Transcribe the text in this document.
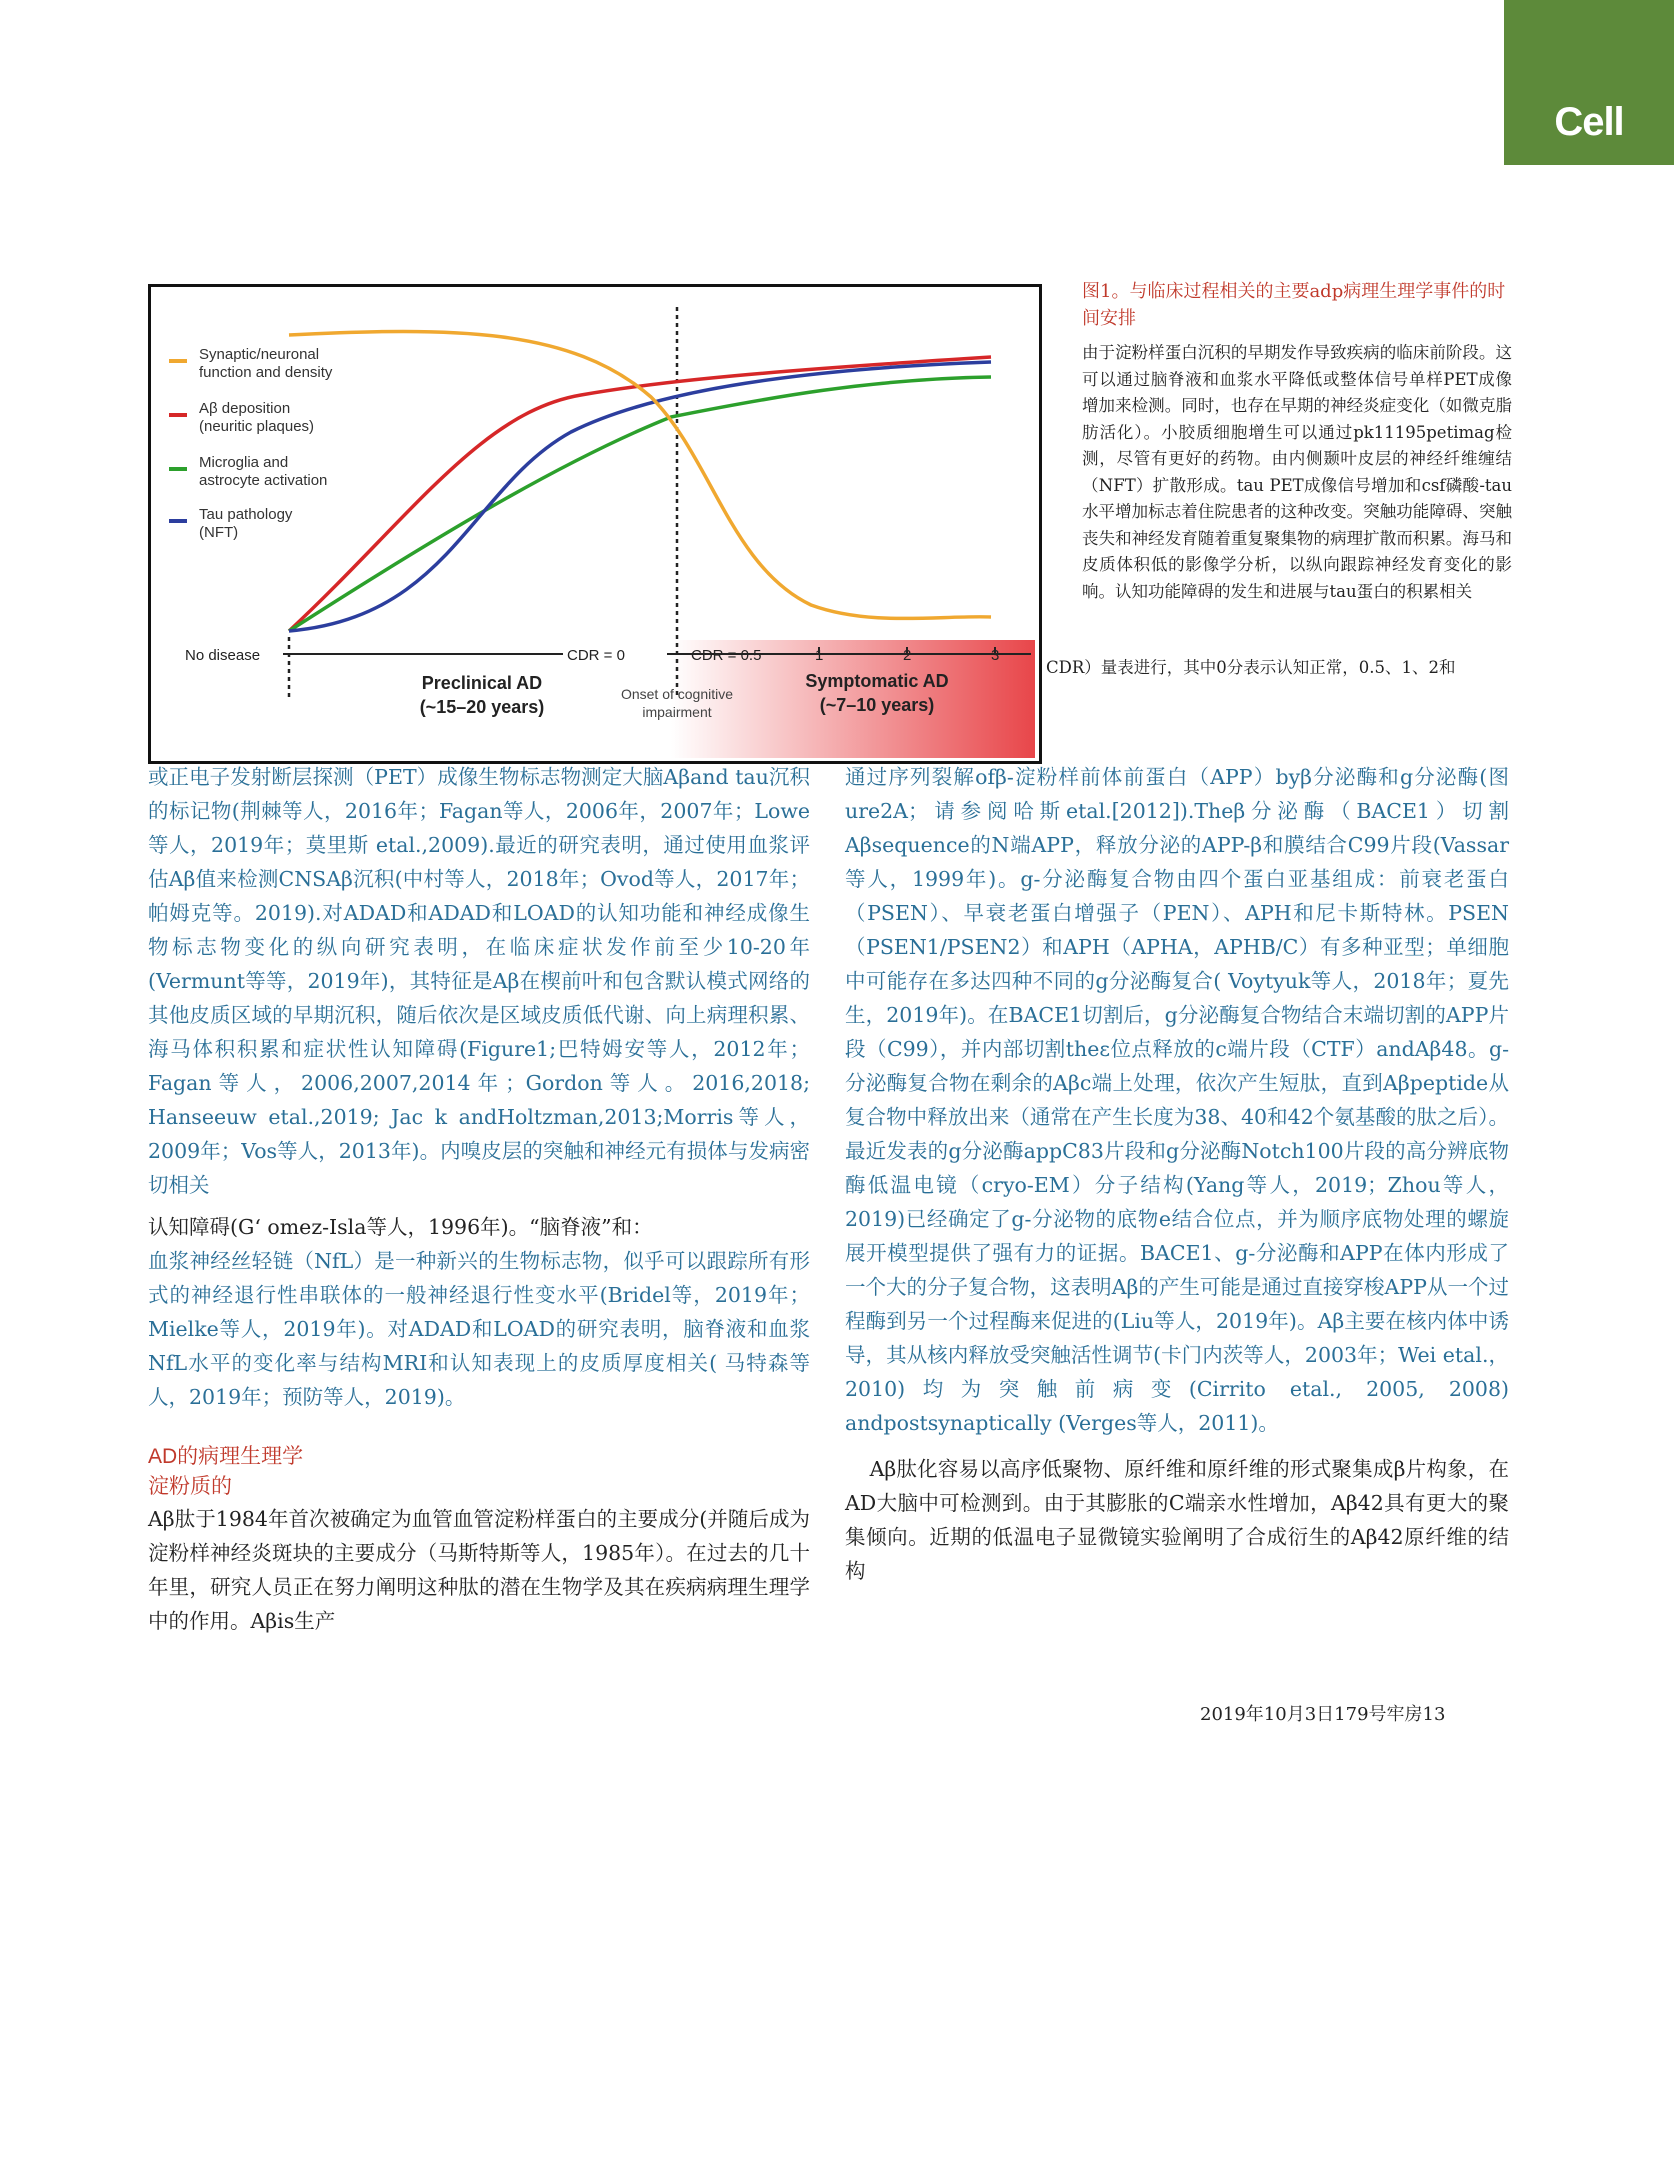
Cell
Synaptic/neuronal
function and density
Aβ deposition
(neuritic plaques)
Microglia and
astrocyte activation
Tau pathology
(NFT)
No disease	CDR = 0	CDR = 0.5	1	2	3
Preclinical AD
(~15–20 years)
Onset of cognitive
impairment
Symptomatic AD
(~7–10 years)

图1。与临床过程相关的主要adp病理生理学事件的时间安排

由于淀粉样蛋白沉积的早期发作导致疾病的临床前阶段。这可以通过脑脊液和血浆水平降低或整体信号单样PET成像增加来检测。同时，也存在早期的神经炎症变化（如微克脂肪活化）。小胶质细胞增生可以通过pk11195petimag检测，尽管有更好的药物。由内侧颞叶皮层的神经纤维缠结（NFT）扩散形成。tau PET成像信号增加和csf磷酸-tau水平增加标志着住院患者的这种改变。突触功能障碍、突触丧失和神经发育随着重复聚集物的病理扩散而积累。海马和皮质体积低的影像学分析，以纵向跟踪神经发育变化的影响。认知功能障碍的发生和进展与tau蛋白的积累相关

CDR）量表进行，其中0分表示认知正常，0.5、1、2和

或正电子发射断层探测（PET）成像生物标志物测定大脑Aβand tau沉积的标记物(荆棘等人，2016年；Fagan等人，2006年，2007年；Lowe等人，2019年；莫里斯 etal.,2009).最近的研究表明，通过使用血浆评估Aβ值来检测CNSAβ沉积(中村等人，2018年；Ovod等人，2017年；帕姆克等。2019).对ADAD和ADAD和LOAD的认知功能和神经成像生物标志物变化的纵向研究表明，在临床症状发作前至少10-20年(Vermunt等等，2019年)，其特征是Aβ在楔前叶和包含默认模式网络的其他皮质区域的早期沉积，随后依次是区域皮质低代谢、向上病理积累、海马体积积累和症状性认知障碍(Figure1;巴特姆安等人，2012年；Fagan等人，2006,2007,2014年；Gordon等人。2016,2018; Hanseeuw etal.,2019; Jac k andHoltzman,2013;Morris等人，2009年；Vos等人，2013年)。内嗅皮层的突触和神经元有损体与发病密切相关

认知障碍(G‘ omez-Isla等人，1996年)。“脑脊液”和：

血浆神经丝轻链（NfL）是一种新兴的生物标志物，似乎可以跟踪所有形式的神经退行性串联体的一般神经退行性变水平(Bridel等，2019年；Mielke等人，2019年)。对ADAD和LOAD的研究表明，脑脊液和血浆NfL水平的变化率与结构MRI和认知表现上的皮质厚度相关( 马特森等人，2019年；预防等人，2019)。

AD的病理生理学

淀粉质的

Aβ肽于1984年首次被确定为血管血管淀粉样蛋白的主要成分(并随后成为淀粉样神经炎斑块的主要成分（马斯特斯等人，1985年）。在过去的几十年里，研究人员正在努力阐明这种肽的潜在生物学及其在疾病病理生理学中的作用。Aβis生产

通过序列裂解ofβ-淀粉样前体前蛋白（APP）byβ分泌酶和g分泌酶(图ure2A；请参阅哈斯etal.[2012]).Theβ分泌酶（BACE1）切割Aβsequence的N端APP，释放分泌的APP-β和膜结合C99片段(Vassar等人，1999年)。g-分泌酶复合物由四个蛋白亚基组成：前衰老蛋白（PSEN）、早衰老蛋白增强子（PEN）、APH和尼卡斯特林。PSEN（PSEN1/PSEN2）和APH（APHA，APHB/C）有多种亚型；单细胞中可能存在多达四种不同的g分泌酶复合( Voytyuk等人，2018年；夏先生，2019年)。在BACE1切割后，g分泌酶复合物结合末端切割的APP片段（C99），并内部切割theε位点释放的c端片段（CTF）andAβ48。g-分泌酶复合物在剩余的Aβc端上处理，依次产生短肽，直到Aβpeptide从复合物中释放出来（通常在产生长度为38、40和42个氨基酸的肽之后）。最近发表的g分泌酶appC83片段和g分泌酶Notch100片段的高分辨底物酶低温电镜（cryo-EM）分子结构(Yang等人，2019；Zhou等人，2019)已经确定了g-分泌物的底物e结合位点，并为顺序底物处理的螺旋展开模型提供了强有力的证据。BACE1、g-分泌酶和APP在体内形成了一个大的分子复合物，这表明Aβ的产生可能是通过直接穿梭APP从一个过程酶到另一个过程酶来促进的(Liu等人，2019年)。Aβ主要在核内体中诱导，其从核内释放受突触活性调节(卡门内茨等人，2003年；Wei etal.，2010)均为突触前病变(Cirrito etal., 2005, 2008) andpostsynaptically (Verges等人，2011)。

Aβ肽化容易以高序低聚物、原纤维和原纤维的形式聚集成β片构象，在AD大脑中可检测到。由于其膨胀的C端亲水性增加，Aβ42具有更大的聚集倾向。近期的低温电子显微镜实验阐明了合成衍生的Aβ42原纤维的结构

2019年10月3日179号牢房13
